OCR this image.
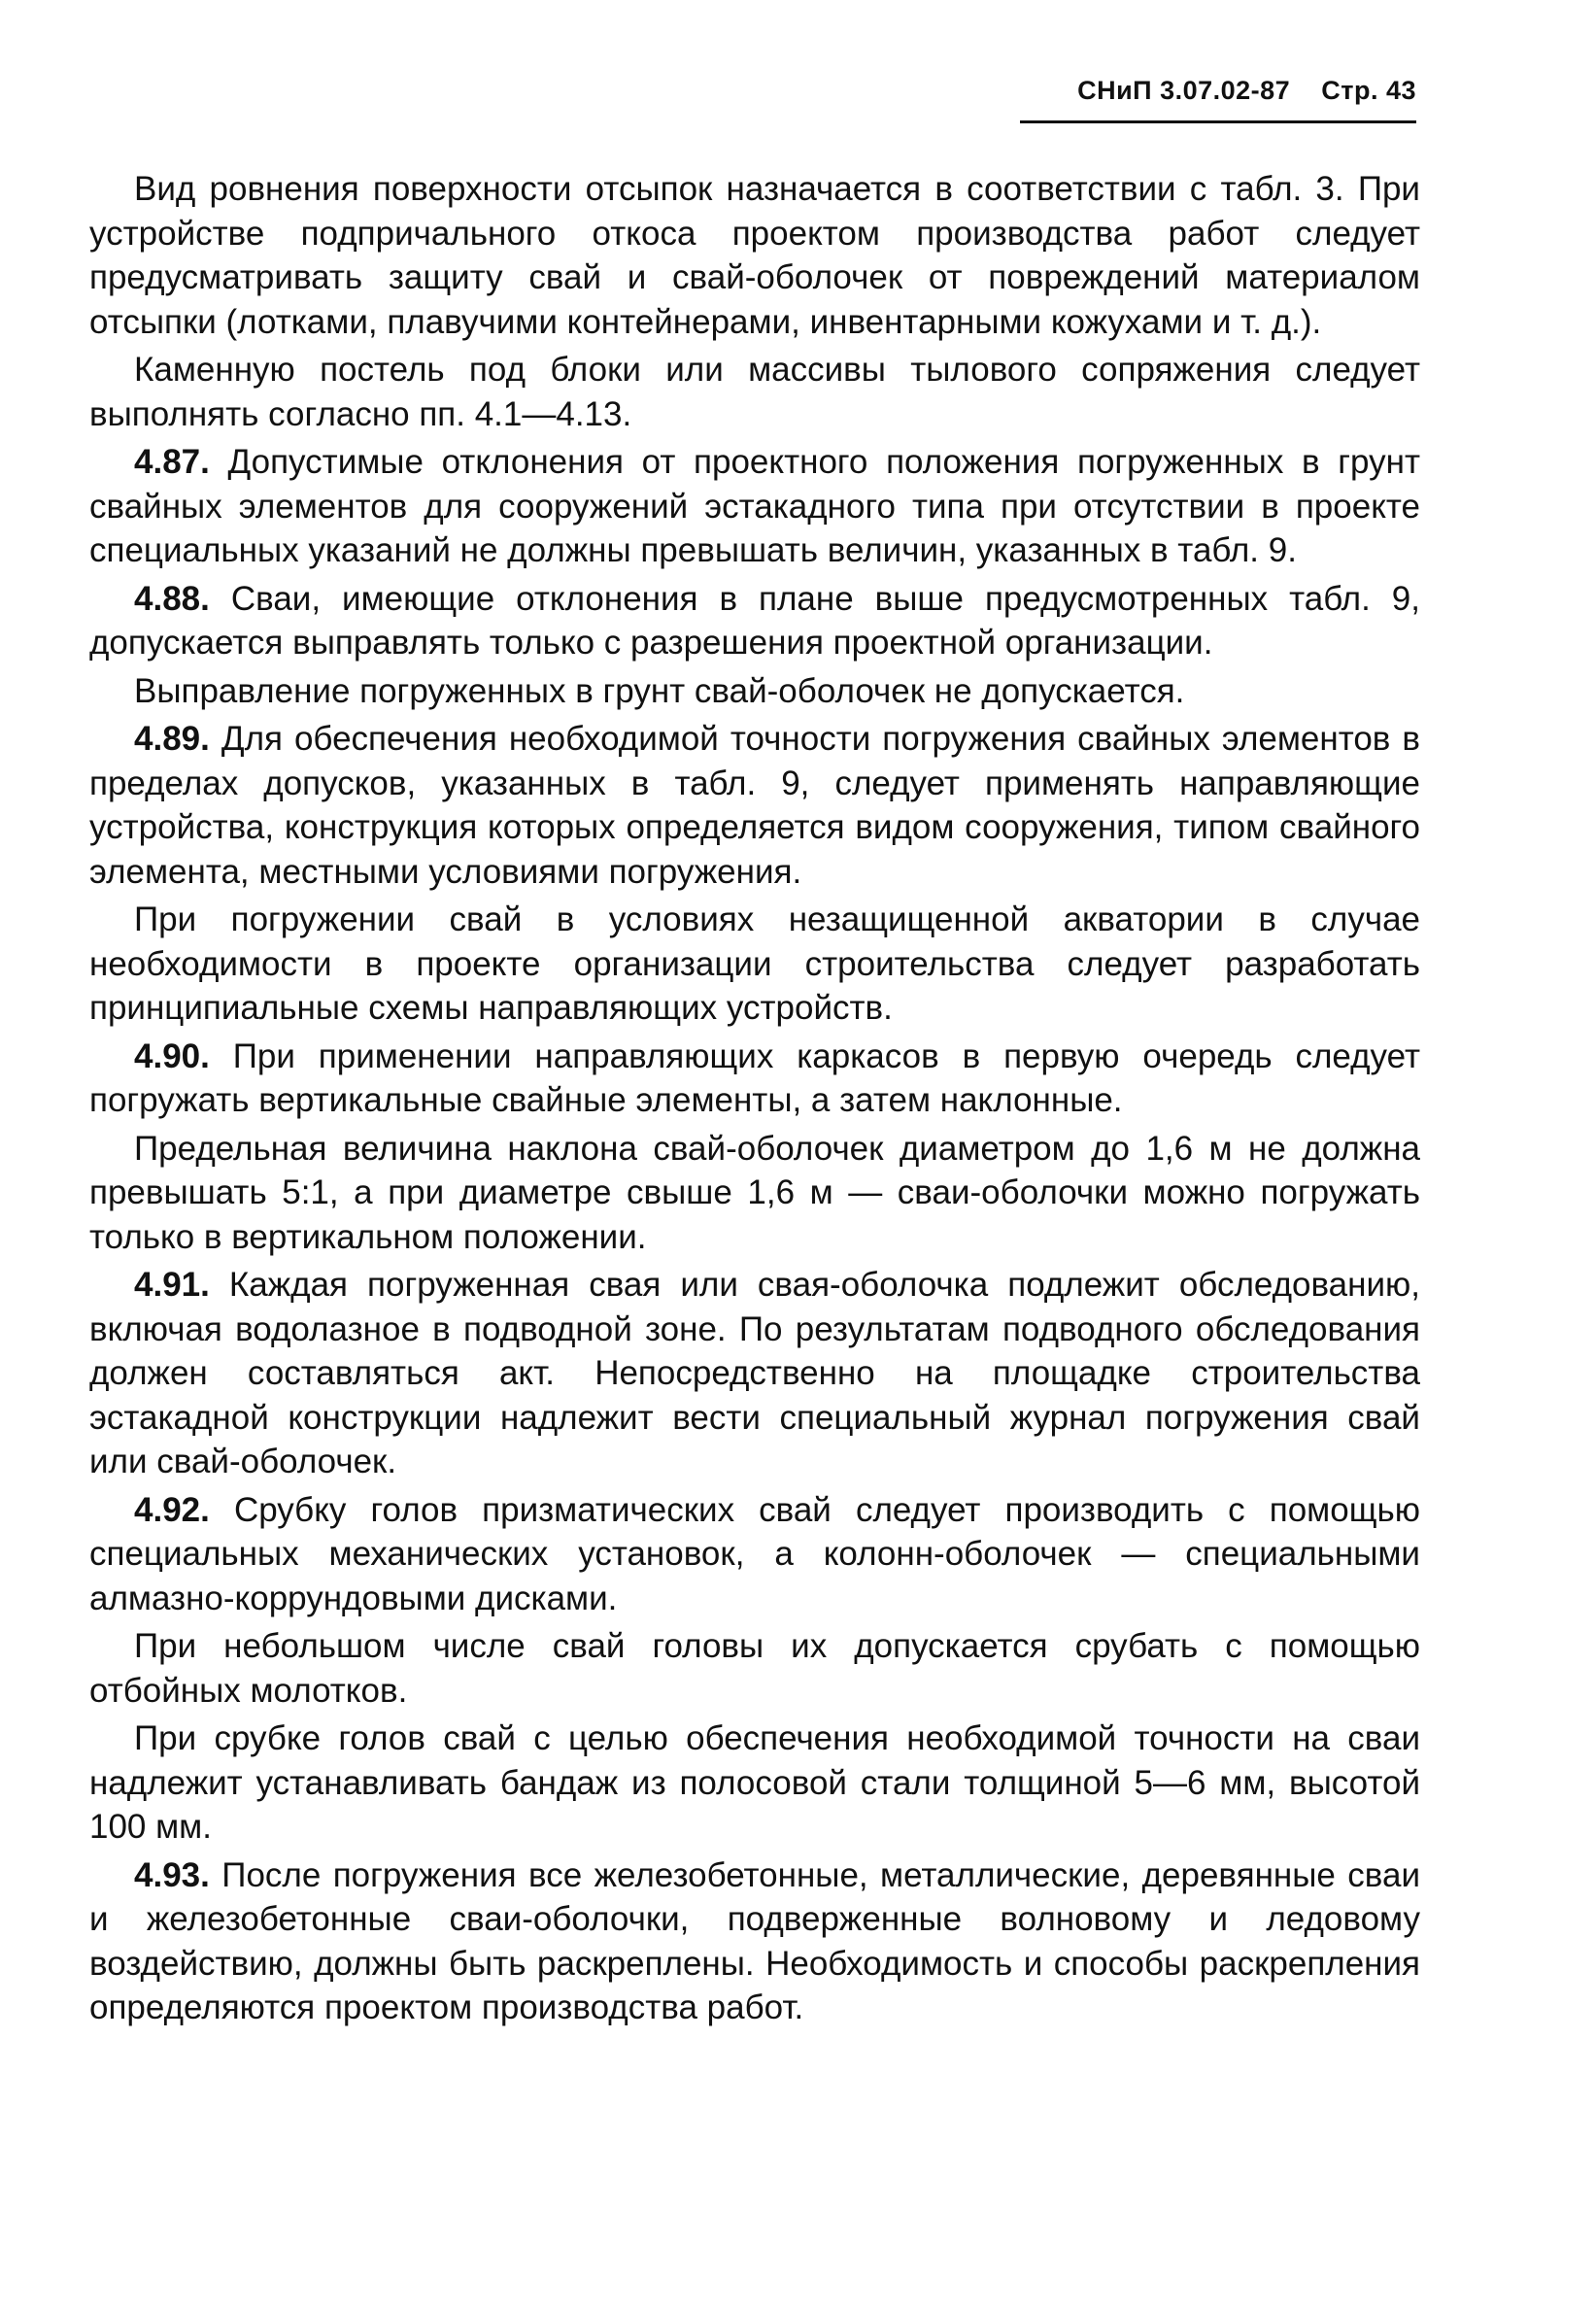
СНиП 3.07.02-87 Стр. 43

Вид ровнения поверхности отсыпок назначается в соответствии с табл. 3. При устройстве подпричального откоса проектом производства работ следует предусматривать защиту свай и свай-оболочек от повреждений материалом отсыпки (лотками, плавучими контейнерами, инвентарными кожухами и т. д.).

Каменную постель под блоки или массивы тылового сопряжения следует выполнять согласно пп. 4.1—4.13.

4.87. Допустимые отклонения от проектного положения погруженных в грунт свайных элементов для сооружений эстакадного типа при отсутствии в проекте специальных указаний не должны превышать величин, указанных в табл. 9.

4.88. Сваи, имеющие отклонения в плане выше предусмотренных табл. 9, допускается выправлять только с разрешения проектной организации.

Выправление погруженных в грунт свай-оболочек не допускается.

4.89. Для обеспечения необходимой точности погружения свайных элементов в пределах допусков, указанных в табл. 9, следует применять направляющие устройства, конструкция которых определяется видом сооружения, типом свайного элемента, местными условиями погружения.

При погружении свай в условиях незащищенной акватории в случае необходимости в проекте организации строительства следует разработать принципиальные схемы направляющих устройств.

4.90. При применении направляющих каркасов в первую очередь следует погружать вертикальные свайные элементы, а затем наклонные.

Предельная величина наклона свай-оболочек диаметром до 1,6 м не должна превышать 5:1, а при диаметре свыше 1,6 м — сваи-оболочки можно погружать только в вертикальном положении.

4.91. Каждая погруженная свая или свая-оболочка подлежит обследованию, включая водолазное в подводной зоне. По результатам подводного обследования должен составляться акт. Непосредственно на площадке строительства эстакадной конструкции надлежит вести специальный журнал погружения свай или свай-оболочек.

4.92. Срубку голов призматических свай следует производить с помощью специальных механических установок, а колонн-оболочек — специальными алмазно-коррундовыми дисками.

При небольшом числе свай головы их допускается срубать с помощью отбойных молотков.

При срубке голов свай с целью обеспечения необходимой точности на сваи надлежит устанавливать бандаж из полосовой стали толщиной 5—6 мм, высотой 100 мм.

4.93. После погружения все железобетонные, металлические, деревянные сваи и железобетонные сваи-оболочки, подверженные волновому и ледовому воздействию, должны быть раскреплены. Необходимость и способы раскрепления определяются проектом производства работ.
